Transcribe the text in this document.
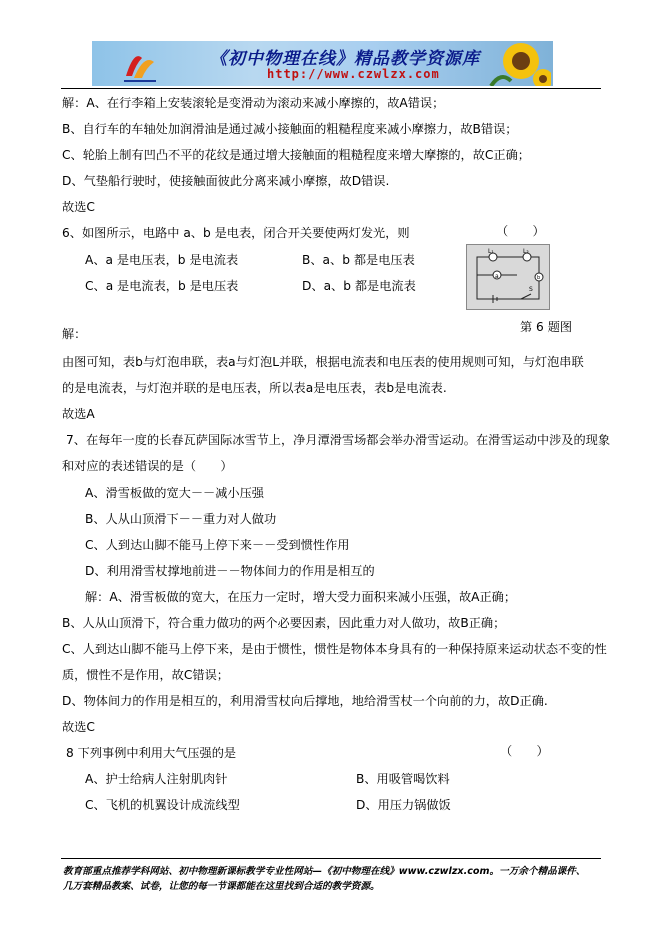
《初中物理在线》精品教学资源库
http://www.czwlzx.com
解：A、在行李箱上安装滚轮是变滑动为滚动来减小摩擦的，故A错误；
B、自行车的车轴处加润滑油是通过减小接触面的粗糙程度来减小摩擦力，故B错误；
C、轮胎上制有凹凸不平的花纹是通过增大接触面的粗糙程度来增大摩擦的，故C正确；
D、气垫船行驶时，使接触面彼此分离来减小摩擦，故D错误.
故选C
6、如图所示，电路中 a、b 是电表，闭合开关要使两灯发光，则	（　　）
A、a 是电压表，b 是电流表	B、a、b 都是电压表
C、a 是电流表，b 是电压表	D、a、b 都是电流表
L₁	L₂
a	b
S
第 6 题图
解：
由图可知，表b与灯泡串联，表a与灯泡L并联，根据电流表和电压表的使用规则可知，与灯泡串联
的是电流表，与灯泡并联的是电压表，所以表a是电压表，表b是电流表.
故选A
7、在每年一度的长春瓦萨国际冰雪节上，净月潭滑雪场都会举办滑雪运动。在滑雪运动中涉及的现象
和对应的表述错误的是（　　）
A、滑雪板做的宽大－－减小压强
B、人从山顶滑下－－重力对人做功
C、人到达山脚不能马上停下来－－受到惯性作用
D、利用滑雪杖撑地前进－－物体间力的作用是相互的
解：A、滑雪板做的宽大，在压力一定时，增大受力面积来减小压强，故A正确；
B、人从山顶滑下，符合重力做功的两个必要因素，因此重力对人做功，故B正确；
C、人到达山脚不能马上停下来，是由于惯性，惯性是物体本身具有的一种保持原来运动状态不变的性
质，惯性不是作用，故C错误；
D、物体间力的作用是相互的，利用滑雪杖向后撑地，地给滑雪杖一个向前的力，故D正确.
故选C
8 下列事例中利用大气压强的是	（　　）
A、护士给病人注射肌肉针	B、用吸管喝饮料
C、飞机的机翼设计成流线型	D、用压力锅做饭
教育部重点推荐学科网站、初中物理新课标教学专业性网站—《初中物理在线》www.czwlzx.com。一万余个精品课件、
几万套精品教案、试卷，让您的每一节课都能在这里找到合适的教学资源。
